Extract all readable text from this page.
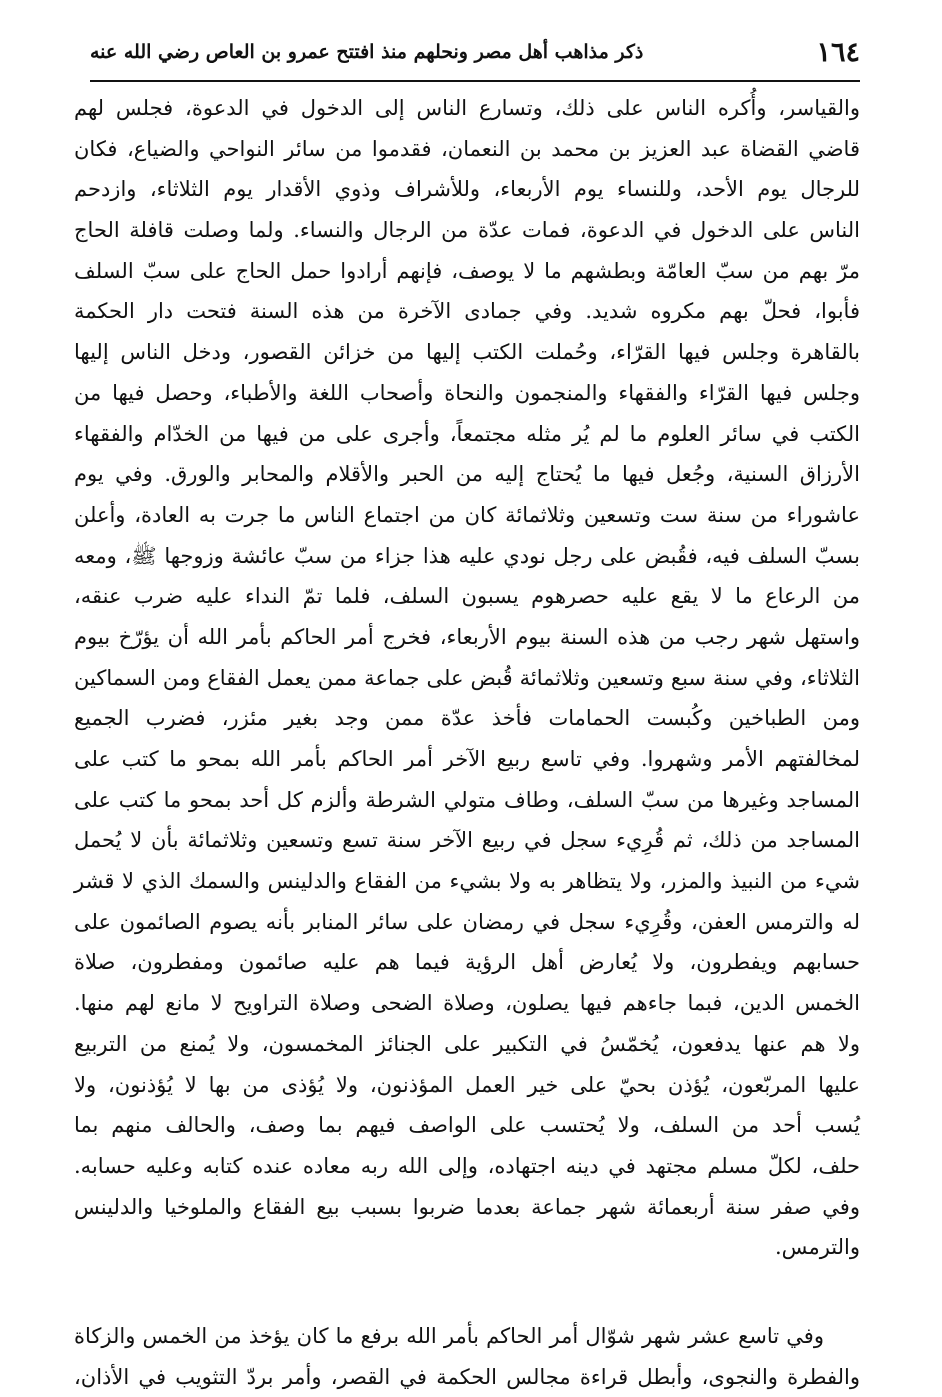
١٦٤
ذكر مذاهب أهل مصر ونحلهم منذ افتتح عمرو بن العاص رضي الله عنه
والقياسر، وأُكره الناس على ذلك، وتسارع الناس إلى الدخول في الدعوة، فجلس لهم
قاضي القضاة عبد العزيز بن محمد بن النعمان، فقدموا من سائر النواحي والضياع، فكان
للرجال يوم الأحد، وللنساء يوم الأربعاء، وللأشراف وذوي الأقدار يوم الثلاثاء، وازدحم
الناس على الدخول في الدعوة، فمات عدّة من الرجال والنساء. ولما وصلت قافلة الحاج
مرّ بهم من سبّ العامّة وبطشهم ما لا يوصف، فإنهم أرادوا حمل الحاج على سبّ السلف
فأبوا، فحلّ بهم مكروه شديد. وفي جمادى الآخرة من هذه السنة فتحت دار الحكمة
بالقاهرة وجلس فيها القرّاء، وحُملت الكتب إليها من خزائن القصور، ودخل الناس إليها
وجلس فيها القرّاء والفقهاء والمنجمون والنحاة وأصحاب اللغة والأطباء، وحصل فيها من
الكتب في سائر العلوم ما لم يُر مثله مجتمعاً، وأجرى على من فيها من الخدّام والفقهاء
الأرزاق السنية، وجُعل فيها ما يُحتاج إليه من الحبر والأقلام والمحابر والورق. وفي يوم
عاشوراء من سنة ست وتسعين وثلاثمائة كان من اجتماع الناس ما جرت به العادة، وأعلن
بسبّ السلف فيه، فقُبض على رجل نودي عليه هذا جزاء من سبّ عائشة وزوجها ﷺ، ومعه
من الرعاع ما لا يقع عليه حصرهوم يسبون السلف، فلما تمّ النداء عليه ضرب عنقه،
واستهل شهر رجب من هذه السنة بيوم الأربعاء، فخرج أمر الحاكم بأمر الله أن يؤرّخ بيوم
الثلاثاء، وفي سنة سبع وتسعين وثلاثمائة قُبض على جماعة ممن يعمل الفقاع ومن السماكين
ومن الطباخين وكُبست الحمامات فأخذ عدّة ممن وجد بغير مئزر، فضرب الجميع
لمخالفتهم الأمر وشهروا. وفي تاسع ربيع الآخر أمر الحاكم بأمر الله بمحو ما كتب على
المساجد وغيرها من سبّ السلف، وطاف متولي الشرطة وألزم كل أحد بمحو ما كتب على
المساجد من ذلك، ثم قُرِيء سجل في ربيع الآخر سنة تسع وتسعين وثلاثمائة بأن لا يُحمل
شيء من النبيذ والمزر، ولا يتظاهر به ولا بشيء من الفقاع والدلينس والسمك الذي لا قشر
له والترمس العفن، وقُرِيء سجل في رمضان على سائر المنابر بأنه يصوم الصائمون على
حسابهم ويفطرون، ولا يُعارض أهل الرؤية فيما هم عليه صائمون ومفطرون، صلاة
الخمس الدين، فبما جاءهم فيها يصلون، وصلاة الضحى وصلاة التراويح لا مانع لهم منها.
ولا هم عنها يدفعون، يُخمّسُ في التكبير على الجنائز المخمسون، ولا يُمنع من التربيع
عليها المربّعون، يُؤذن بحيّ على خير العمل المؤذنون، ولا يُؤذى من بها لا يُؤذنون، ولا
يُسب أحد من السلف، ولا يُحتسب على الواصف فيهم بما وصف، والحالف منهم بما
حلف، لكلّ مسلم مجتهد في دينه اجتهاده، وإلى الله ربه معاده عنده كتابه وعليه حسابه.
وفي صفر سنة أربعمائة شهر جماعة بعدما ضربوا بسبب بيع الفقاع والملوخيا والدلينس
والترمس.
وفي تاسع عشر شهر شوّال أمر الحاكم بأمر الله برفع ما كان يؤخذ من الخمس والزكاة
والفطرة والنجوى، وأبطل قراءة مجالس الحكمة في القصر، وأمر بردّ التثويب في الأذان،
